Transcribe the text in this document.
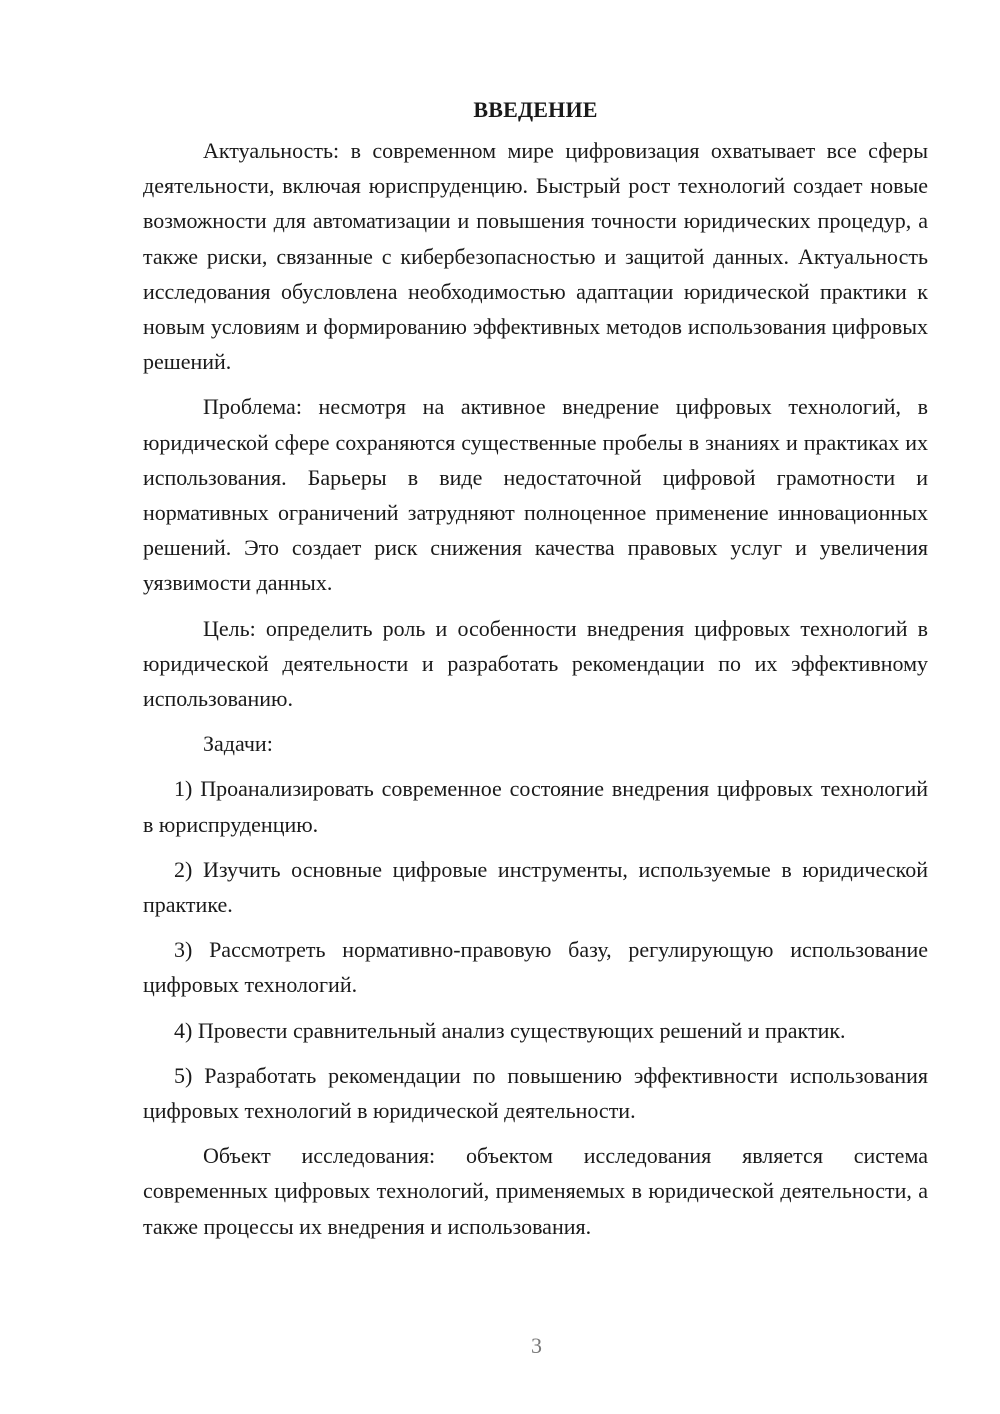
ВВЕДЕНИЕ

Актуальность: в современном мире цифровизация охватывает все сферы деятельности, включая юриспруденцию. Быстрый рост технологий создает новые возможности для автоматизации и повышения точности юридических процедур, а также риски, связанные с кибербезопасностью и защитой данных. Актуальность исследования обусловлена необходимостью адаптации юридической практики к новым условиям и формированию эффективных методов использования цифровых решений.

Проблема: несмотря на активное внедрение цифровых технологий, в юридической сфере сохраняются существенные пробелы в знаниях и практиках их использования. Барьеры в виде недостаточной цифровой грамотности и нормативных ограничений затрудняют полноценное применение инновационных решений. Это создает риск снижения качества правовых услуг и увеличения уязвимости данных.

Цель: определить роль и особенности внедрения цифровых технологий в юридической деятельности и разработать рекомендации по их эффективному использованию.

Задачи:

1) Проанализировать современное состояние внедрения цифровых технологий в юриспруденцию.

2) Изучить основные цифровые инструменты, используемые в юридической практике.

3) Рассмотреть нормативно-правовую базу, регулирующую использование цифровых технологий.

4) Провести сравнительный анализ существующих решений и практик.

5) Разработать рекомендации по повышению эффективности использования цифровых технологий в юридической деятельности.

Объект исследования: объектом исследования является система современных цифровых технологий, применяемых в юридической деятельности, а также процессы их внедрения и использования.

3
